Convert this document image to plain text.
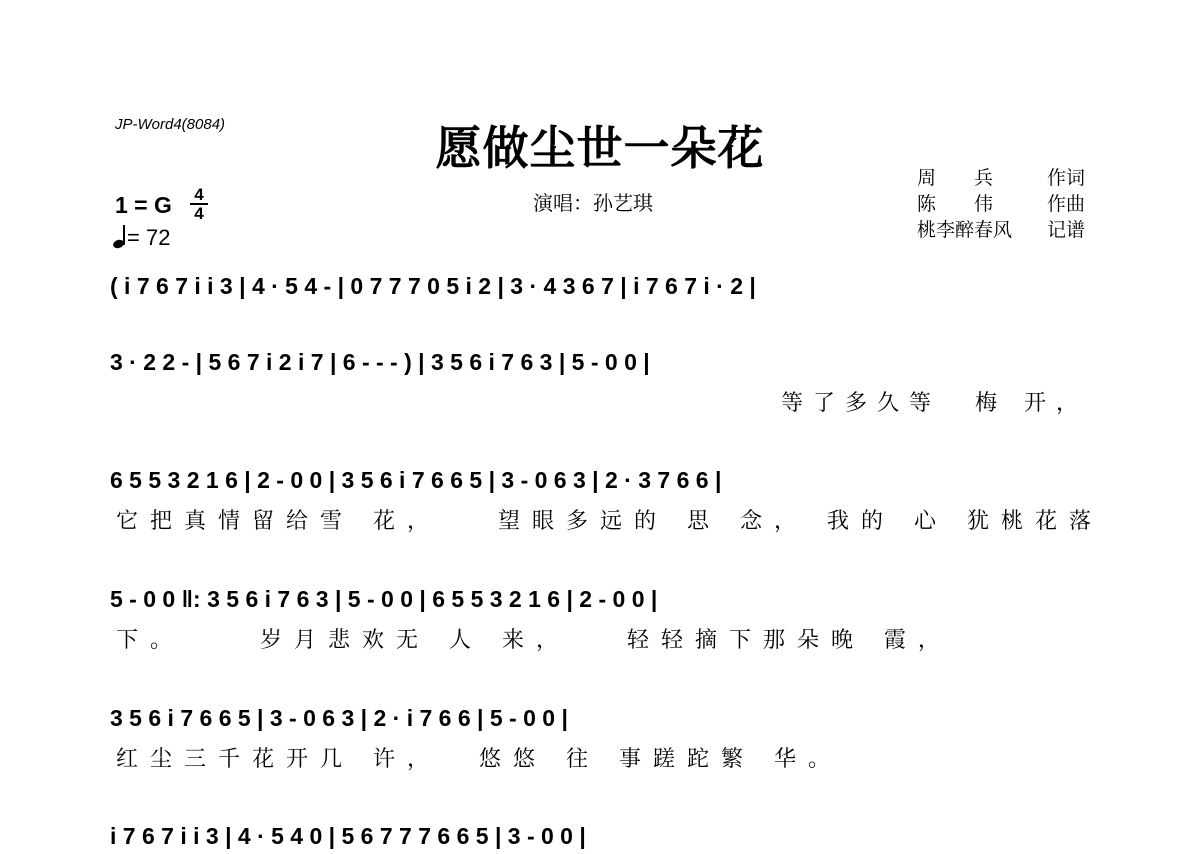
JP-Word4(8084)	愿做尘世一朵花
周　　兵	作词
陈　　伟	作曲
桃李醉春风 记谱
演唱：孙艺琪
1 = G	4
4
= 72
( i 7 6 7 i i 3 | 4 · 5 4 - | 0 7 7 7 0 5 i 2 | 3 · 4 3 6 7 | i 7 6 7 i · 2 |
3 · 2 2 - | 5 6 7 i 2 i 7 | 6 - - - ) | 3 5 6 i 7 6 3 | 5 - 0 0 |
等了多久等  梅 开，
6 5 5 3 2 1 6 | 2 - 0 0 | 3 5 6 i 7 6 6 5 | 3 - 0 6 3 | 2 · 3 7 6 6 |
它把真情留给雪 花，   望眼多远的 思 念， 我的 心 犹桃花落
5 - 0 0 ‖: 3 5 6 i 7 6 3 | 5 - 0 0 | 6 5 5 3 2 1 6 | 2 - 0 0 |
下。    岁月悲欢无 人 来，   轻轻摘下那朵晚 霞，
3 5 6 i 7 6 6 5 | 3 - 0 6 3 | 2 · i 7 6 6 | 5 - 0 0 |
红尘三千花开几 许，  悠悠 往 事蹉跎繁 华。
i 7 6 7 i i 3 | 4 · 5 4 0 | 5 6 7 7 7 6 6 5 | 3 - 0 0 |
